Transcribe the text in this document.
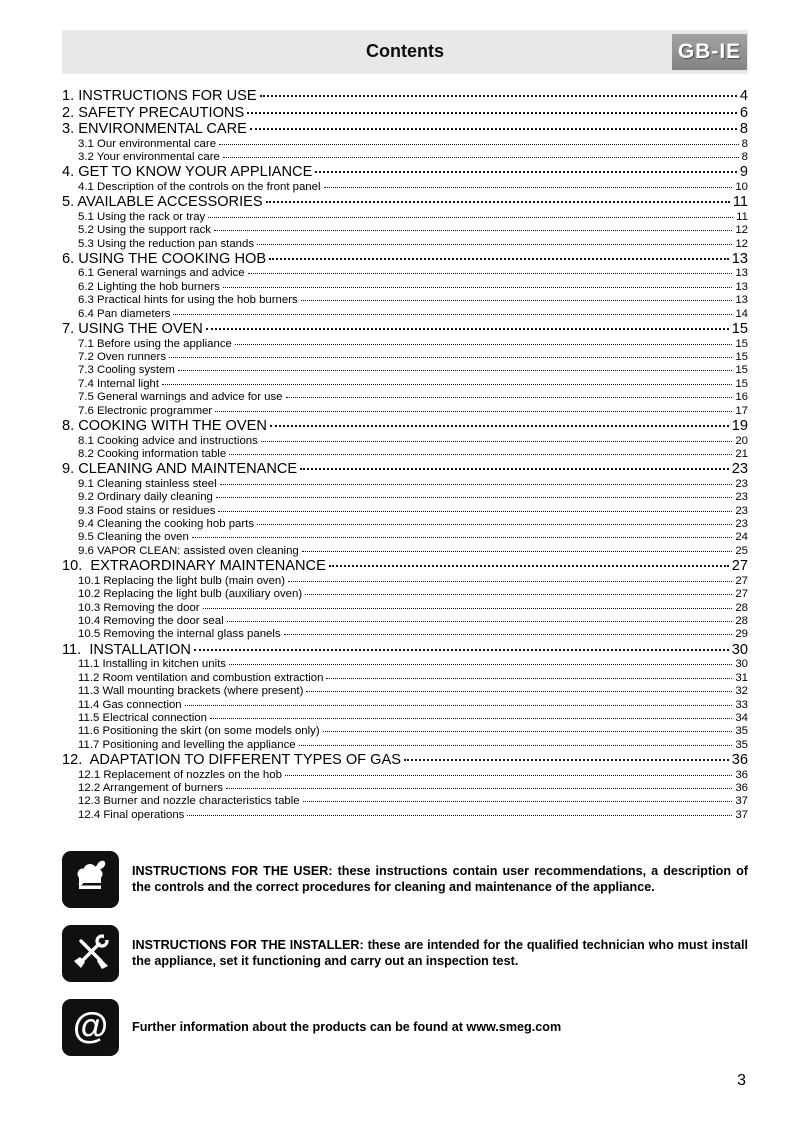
Contents	GB-IE
1. INSTRUCTIONS FOR USE	4
2. SAFETY PRECAUTIONS	6
3. ENVIRONMENTAL CARE	8
3.1 Our environmental care	8
3.2 Your environmental care	8
4. GET TO KNOW YOUR APPLIANCE	9
4.1 Description of the controls on the front panel	10
5. AVAILABLE ACCESSORIES	11
5.1 Using the rack or tray	11
5.2 Using the support rack	12
5.3 Using the reduction pan stands	12
6. USING THE COOKING HOB	13
6.1 General warnings and advice	13
6.2 Lighting the hob burners	13
6.3 Practical hints for using the hob burners	13
6.4 Pan diameters	14
7. USING THE OVEN	15
7.1 Before using the appliance	15
7.2 Oven runners	15
7.3 Cooling system	15
7.4 Internal light	15
7.5 General warnings and advice for use	16
7.6 Electronic programmer	17
8. COOKING WITH THE OVEN	19
8.1 Cooking advice and instructions	20
8.2 Cooking information table	21
9. CLEANING AND MAINTENANCE	23
9.1 Cleaning stainless steel	23
9.2 Ordinary daily cleaning	23
9.3 Food stains or residues	23
9.4 Cleaning the cooking hob parts	23
9.5 Cleaning the oven	24
9.6 VAPOR CLEAN: assisted oven cleaning	25
10.  EXTRAORDINARY MAINTENANCE	27
10.1 Replacing the light bulb (main oven)	27
10.2 Replacing the light bulb (auxiliary oven)	27
10.3 Removing the door	28
10.4 Removing the door seal	28
10.5 Removing the internal glass panels	29
11.  INSTALLATION	30
11.1 Installing in kitchen units	30
11.2 Room ventilation and combustion extraction	31
11.3 Wall mounting brackets (where present)	32
11.4 Gas connection	33
11.5 Electrical connection	34
11.6 Positioning the skirt (on some models only)	35
11.7 Positioning and levelling the appliance	35
12.  ADAPTATION TO DIFFERENT TYPES OF GAS	36
12.1 Replacement of nozzles on the hob	36
12.2 Arrangement of burners	36
12.3 Burner and nozzle characteristics table	37
12.4 Final operations	37
INSTRUCTIONS FOR THE USER: these instructions contain user recommendations, a description of the controls and the correct procedures for cleaning and maintenance of the appliance.
INSTRUCTIONS FOR THE INSTALLER: these are intended for the qualified technician who must install the appliance, set it functioning and carry out an inspection test.
@ Further information about the products can be found at www.smeg.com
3
